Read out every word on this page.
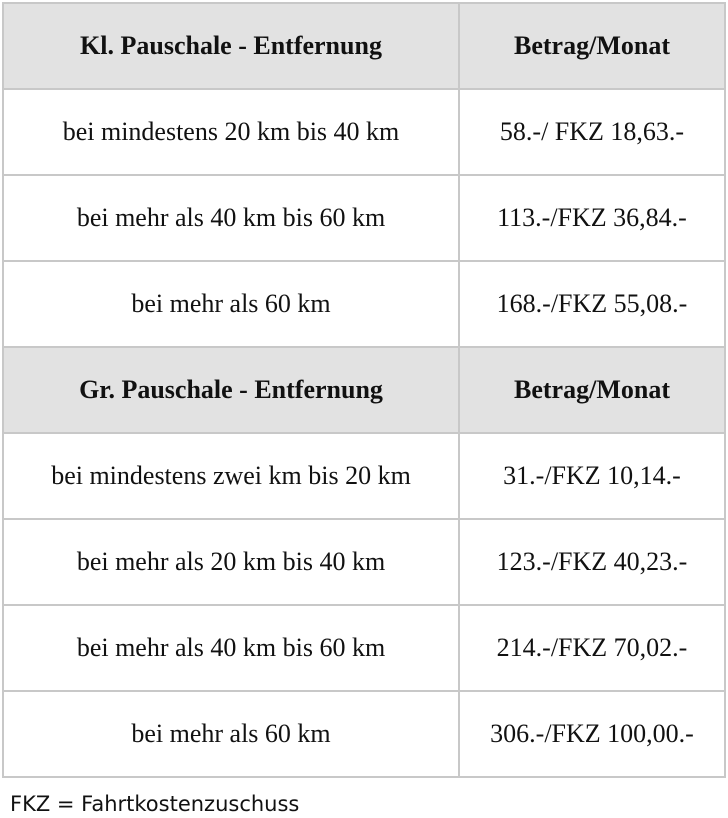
Kl. Pauschale - Entfernung	Betrag/Monat
bei mindestens 20 km bis 40 km	58.-/ FKZ 18,63.-
bei mehr als 40 km bis 60 km	113.-/FKZ 36,84.-
bei mehr als 60 km	168.-/FKZ 55,08.-
Gr. Pauschale - Entfernung	Betrag/Monat
bei mindestens zwei km bis 20 km	31.-/FKZ 10,14.-
bei mehr als 20 km bis 40 km	123.-/FKZ 40,23.-
bei mehr als 40 km bis 60 km	214.-/FKZ 70,02.-
bei mehr als 60 km	306.-/FKZ 100,00.-
FKZ = Fahrtkostenzuschuss
